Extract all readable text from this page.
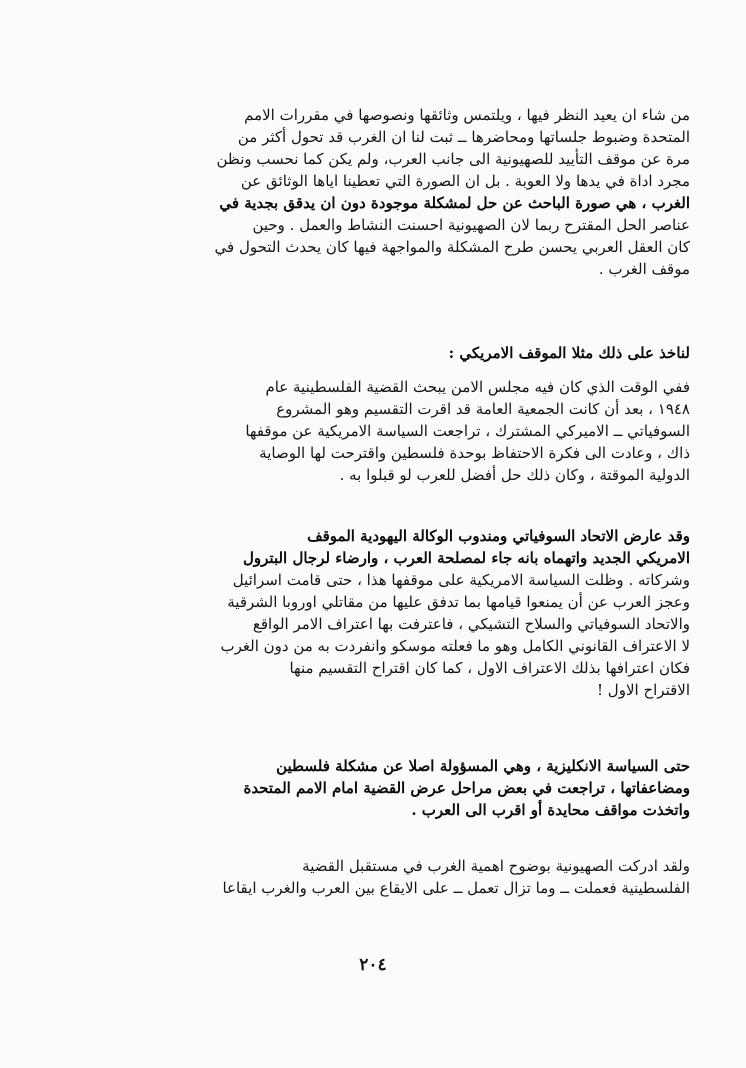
من شاء ان يعيد النظر فيها ، ويلتمس وثائقها ونصوصها في مقررات الامم
المتحدة وضبوط جلساتها ومحاضرها ــ ثبت لنا ان الغرب قد تحول أكثر من
مرة عن موقف التأييد للصهيونية الى جانب العرب، ولم يكن كما نحسب ونظن
مجرد اداة في يدها ولا العوبة . بل ان الصورة التي تعطينا اياها الوثائق عن
الغرب ، هي صورة الباحث عن حل لمشكلة موجودة دون ان يدقق بجدية في
عناصر الحل المقترح ربما لان الصهيونية احسنت النشاط والعمل . وحين
كان العقل العربي يحسن طرح المشكلة والمواجهة فيها كان يحدث التحول في
موقف الغرب .
لناخذ على ذلك مثلا الموقف الامريكي :
ففي الوقت الذي كان فيه مجلس الامن يبحث القضية الفلسطينية عام
١٩٤٨ ، بعد أن كانت الجمعية العامة قد اقرت التقسيم وهو المشروع
السوفياتي ــ الاميركي المشترك ، تراجعت السياسة الامريكية عن موقفها
ذاك ، وعادت الى فكرة الاحتفاظ بوحدة فلسطين واقترحت لها الوصاية
الدولية الموقتة ، وكان ذلك حل أفضل للعرب لو قبلوا به .
وقد عارض الاتحاد السوفياتي ومندوب الوكالة اليهودية الموقف
الامريكي الجديد واتهماه بانه جاء لمصلحة العرب ، وارضاء لرجال البترول
وشركاته . وظلت السياسة الامريكية على موقفها هذا ، حتى قامت اسرائيل
وعجز العرب عن أن يمنعوا قيامها بما تدفق عليها من مقاتلي اوروبا الشرقية
والاتحاد السوفياتي والسلاح التشيكي ، فاعترفت بها اعتراف الامر الواقع
لا الاعتراف القانوني الكامل وهو ما فعلته موسكو وانفردت به من دون الغرب
فكان اعترافها بذلك الاعتراف الاول ، كما كان اقتراح التقسيم منها
الاقتراح الاول !
حتى السياسة الانكليزية ، وهي المسؤولة اصلا عن مشكلة فلسطين
ومضاعفاتها ، تراجعت في بعض مراحل عرض القضية امام الامم المتحدة
واتخذت مواقف محايدة أو اقرب الى العرب .
ولقد ادركت الصهيونية بوضوح اهمية الغرب في مستقبل القضية
الفلسطينية فعملت ــ وما تزال تعمل ــ على الايقاع بين العرب والغرب ايقاعا
٢٠٤
